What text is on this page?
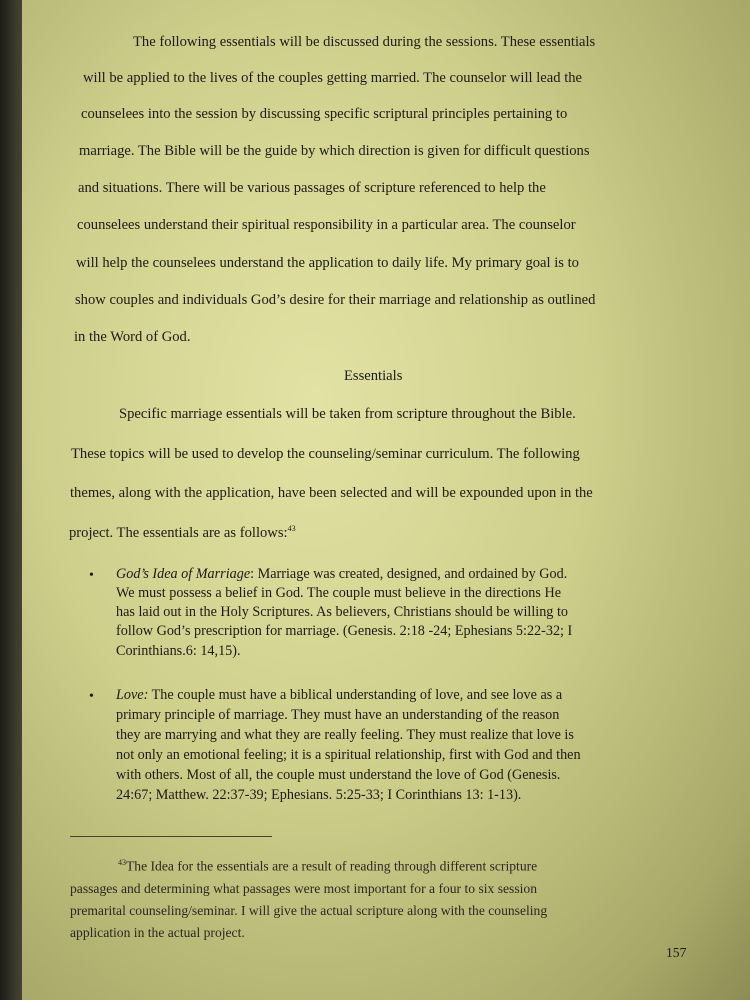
The following essentials will be discussed during the sessions. These essentials
will be applied to the lives of the couples getting married. The counselor will lead the
counselees into the session by discussing specific scriptural principles pertaining to
marriage. The Bible will be the guide by which direction is given for difficult questions
and situations. There will be various passages of scripture referenced to help the
counselees understand their spiritual responsibility in a particular area. The counselor
will help the counselees understand the application to daily life. My primary goal is to
show couples and individuals God’s desire for their marriage and relationship as outlined
in the Word of God.
Essentials
Specific marriage essentials will be taken from scripture throughout the Bible.
These topics will be used to develop the counseling/seminar curriculum. The following
themes, along with the application, have been selected and will be expounded upon in the
project. The essentials are as follows:$^{43}$
• God’s Idea of Marriage: Marriage was created, designed, and ordained by God.
We must possess a belief in God. The couple must believe in the directions He
has laid out in the Holy Scriptures. As believers, Christians should be willing to
follow God’s prescription for marriage. (Genesis. 2:18 -24; Ephesians 5:22-32; I
Corinthians.6: 14,15).
• Love: The couple must have a biblical understanding of love, and see love as a
primary principle of marriage. They must have an understanding of the reason
they are marrying and what they are really feeling. They must realize that love is
not only an emotional feeling; it is a spiritual relationship, first with God and then
with others. Most of all, the couple must understand the love of God (Genesis.
24:67; Matthew. 22:37-39; Ephesians. 5:25-33; I Corinthians 13: 1-13).
$^{43}$The Idea for the essentials are a result of reading through different scripture
passages and determining what passages were most important for a four to six session
premarital counseling/seminar. I will give the actual scripture along with the counseling
application in the actual project.
157
